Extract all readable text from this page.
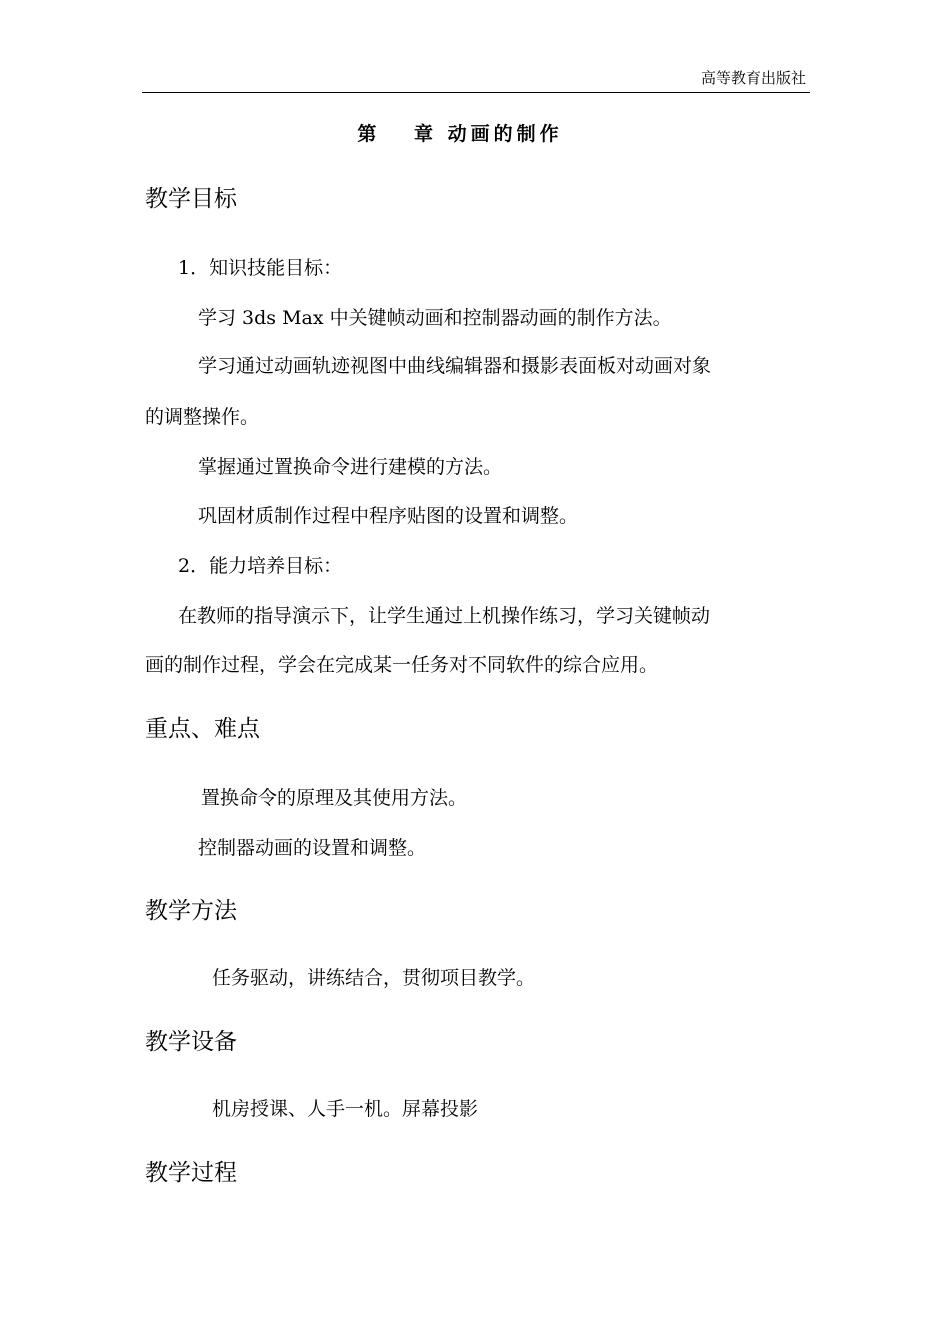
高等教育出版社
第　 章 动画的制作
教学目标
1．知识技能目标：
学习 3ds Max 中关键帧动画和控制器动画的制作方法。
学习通过动画轨迹视图中曲线编辑器和摄影表面板对动画对象
的调整操作。
掌握通过置换命令进行建模的方法。
巩固材质制作过程中程序贴图的设置和调整。
2．能力培养目标：
在教师的指导演示下，让学生通过上机操作练习，学习关键帧动
画的制作过程，学会在完成某一任务对不同软件的综合应用。
重点、难点
置换命令的原理及其使用方法。
控制器动画的设置和调整。
教学方法
任务驱动，讲练结合，贯彻项目教学。
教学设备
机房授课、人手一机。屏幕投影
教学过程
